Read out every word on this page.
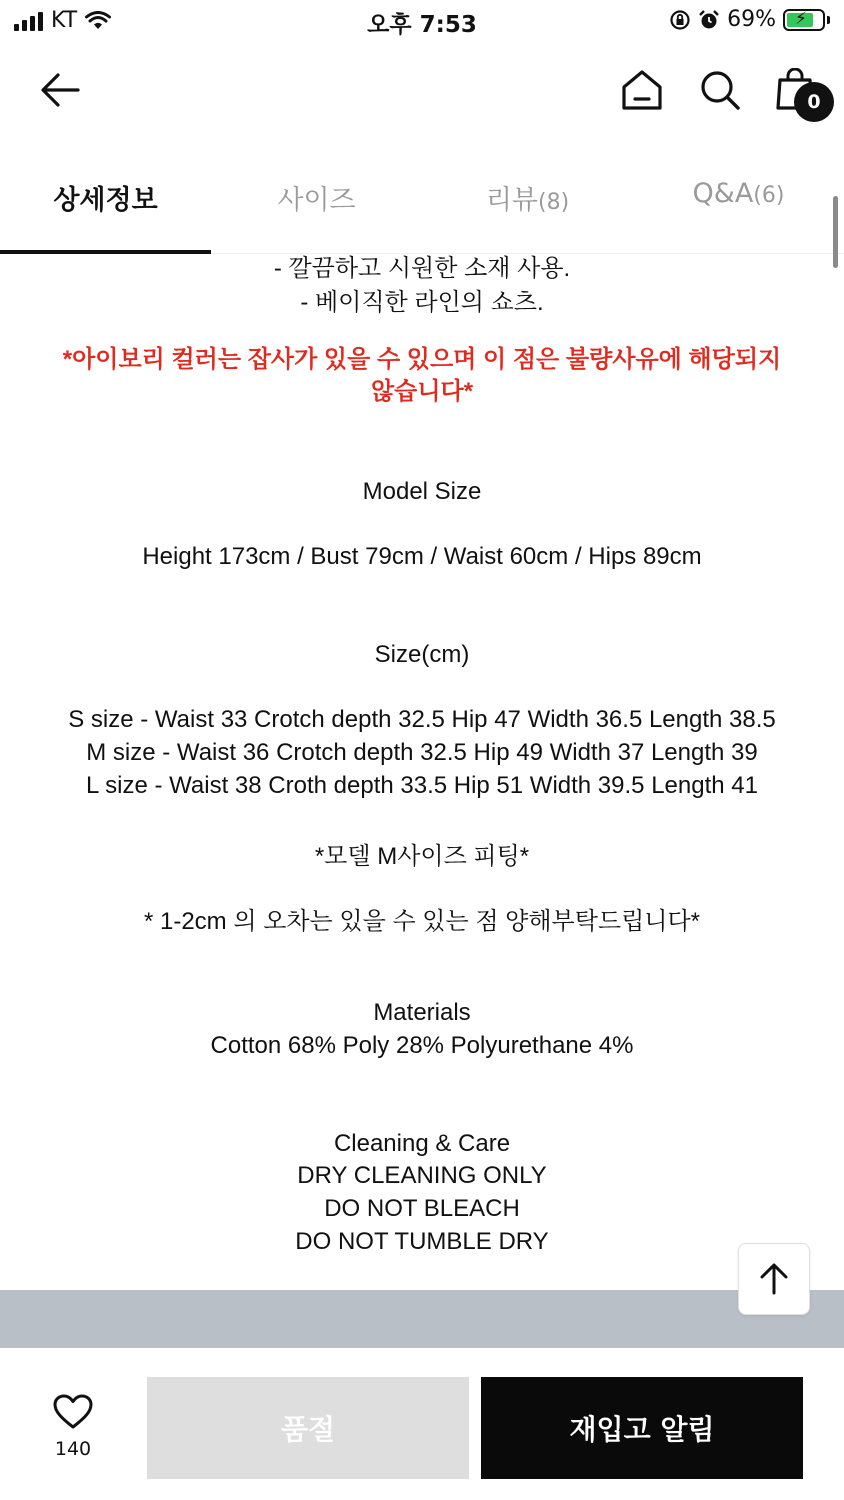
KT	오후 7:53	69% ⚡
0
상세정보	사이즈	리뷰(8)	Q&A(6)
- 깔끔하고 시원한 소재 사용.
- 베이직한 라인의 쇼츠.
*아이보리 컬러는 잡사가 있을 수 있으며 이 점은 불량사유에 해당되지
않습니다*
Model Size
Height 173cm / Bust 79cm / Waist 60cm / Hips 89cm
Size(cm)
S size - Waist 33 Crotch depth 32.5 Hip 47 Width 36.5 Length 38.5
M size - Waist 36 Crotch depth 32.5 Hip 49 Width 37 Length 39
L size - Waist 38 Croth depth 33.5 Hip 51 Width 39.5 Length 41
*모델 M사이즈 피팅*
* 1-2cm 의 오차는 있을 수 있는 점 양해부탁드립니다*
Materials
Cotton 68% Poly 28% Polyurethane 4%
Cleaning & Care
DRY CLEANING ONLY
DO NOT BLEACH
DO NOT TUMBLE DRY
140
품절	재입고 알림
